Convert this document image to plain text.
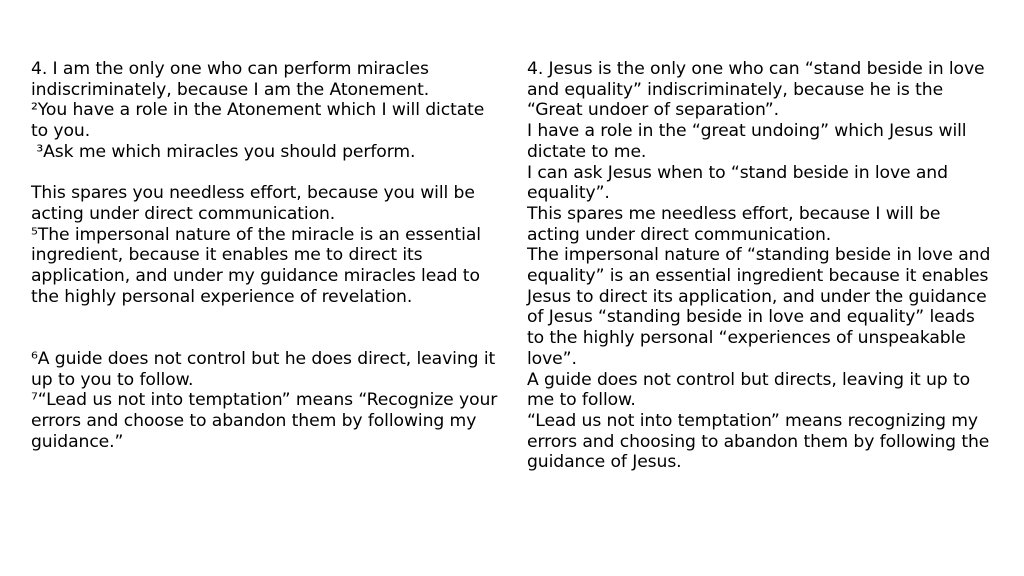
4. I am the only one who can perform miracles indiscriminately, because I am the Atonement.

²You have a role in the Atonement which I will dictate to you.

³Ask me which miracles you should perform.

This spares you needless effort, because you will be acting under direct communication.

⁵The impersonal nature of the miracle is an essential ingredient, because it enables me to direct its application, and under my guidance miracles lead to the highly personal experience of revelation.

⁶A guide does not control but he does direct, leaving it up to you to follow.

⁷“Lead us not into temptation” means “Recognize your errors and choose to abandon them by following my guidance.”

4. Jesus is the only one who can “stand beside in love and equality” indiscriminately, because he is the “Great undoer of separation”.

I have a role in the “great undoing” which Jesus will dictate to me.

I can ask Jesus when to “stand beside in love and equality”.

This spares me needless effort, because I will be acting under direct communication.

The impersonal nature of “standing beside in love and equality” is an essential ingredient because it enables Jesus to direct its application, and under the guidance of Jesus “standing beside in love and equality” leads to the highly personal “experiences of unspeakable love”.

A guide does not control but directs, leaving it up to me to follow.

“Lead us not into temptation” means recognizing my errors and choosing to abandon them by following the guidance of Jesus.
